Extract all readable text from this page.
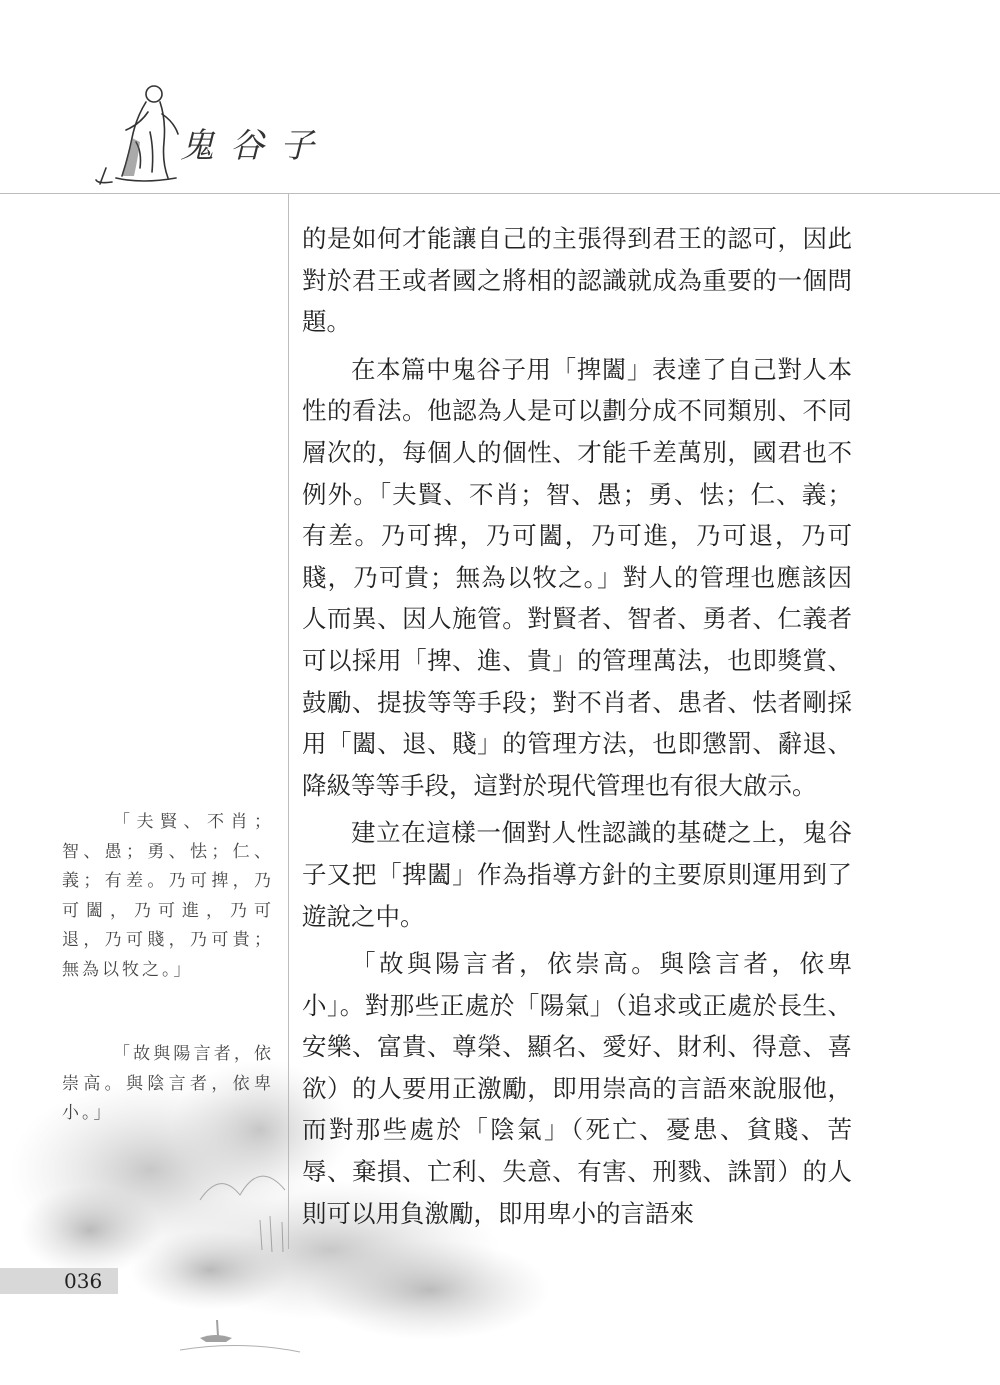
鬼谷子

的是如何才能讓自己的主張得到君王的認可，因此對於君王或者國之將相的認識就成為重要的一個問題。

在本篇中鬼谷子用「捭闔」表達了自己對人本性的看法。他認為人是可以劃分成不同類別、不同層次的，每個人的個性、才能千差萬別，國君也不例外。「夫賢、不肖；智、愚；勇、怯；仁、義；有差。乃可捭，乃可闔，乃可進，乃可退，乃可賤，乃可貴；無為以牧之。」對人的管理也應該因人而異、因人施管。對賢者、智者、勇者、仁義者可以採用「捭、進、貴」的管理萬法，也即獎賞、鼓勵、提拔等等手段；對不肖者、患者、怯者剛採用「闔、退、賤」的管理方法，也即懲罰、辭退、降級等等手段，這對於現代管理也有很大啟示。

建立在這樣一個對人性認識的基礎之上，鬼谷子又把「捭闔」作為指導方針的主要原則運用到了遊說之中。

「故與陽言者，依崇高。與陰言者，依卑小」。對那些正處於「陽氣」（追求或正處於長生、安樂、富貴、尊榮、顯名、愛好、財利、得意、喜欲）的人要用正激勵，即用崇高的言語來說服他，而對那些處於「陰氣」（死亡、憂患、貧賤、苦辱、棄損、亡利、失意、有害、刑戮、誅罰）的人則可以用負激勵，即用卑小的言語來

「夫賢、不肖；智、愚；勇、怯；仁、義；有差。乃可捭，乃可闔，乃可進，乃可退，乃可賤，乃可貴；無為以牧之。」

「故與陽言者，依崇高。與陰言者，依卑小。」

036
